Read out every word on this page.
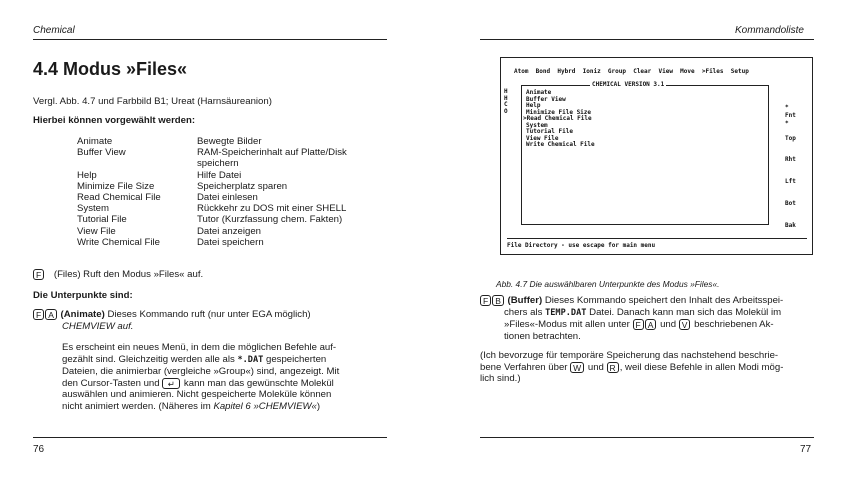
Chemical
4.4 Modus »Files«

Vergl. Abb. 4.7 und Farbbild B1; Ureat (Harnsäureanion)

Hierbei können vorgewählt werden:

Animate	Bewegte Bilder
Buffer View	RAM-Speicherinhalt auf Platte/Disk
	speichern
Help	Hilfe Datei
Minimize File Size	Speicherplatz sparen
Read Chemical File	Datei einlesen
System	Rückkehr zu DOS mit einer SHELL
Tutorial File	Tutor (Kurzfassung chem. Fakten)
View File	Datei anzeigen
Write Chemical File	Datei speichern

F (Files) Ruft den Modus »Files« auf.

Die Unterpunkte sind:

F A (Animate) Dieses Kommando ruft (nur unter EGA möglich)

CHEMVIEW auf.

Es erscheint ein neues Menü, in dem die möglichen Befehle auf-
gezählt sind. Gleichzeitig werden alle als *.DAT gespeicherten
Dateien, die animierbar (vergleiche »Group«) sind, angezeigt. Mit
den Cursor-Tasten und ↵ kann man das gewünschte Molekül
auswählen und animieren. Nicht gespeicherte Moleküle können
nicht animiert werden. (Näheres im Kapitel 6 »CHEMVIEW«)
76
Kommandoliste
Atom  Bond  Hybrd  Ioniz  Group  Clear  View  Move  >Files  Setup
CHEMICAL VERSION 3.1
Animate
Buffer View
Help
Minimize File Size
>Read Chemical File
System
Tutorial File
View File
Write Chemical File
H
H
C
O	*
Fnt
*
Top
Rht
Lft
Bot
Bak
File Directory - use escape for main menu

Abb. 4.7 Die auswählbaren Unterpunkte des Modus »Files«.

F B (Buffer) Dieses Kommando speichert den Inhalt des Arbeitsspei-
chers als TEMP.DAT Datei. Danach kann man sich das Molekül im
»Files«-Modus mit allen unter F A und V beschriebenen Ak-
tionen betrachten.
(Ich bevorzuge für temporäre Speicherung das nachstehend beschrie-
bene Verfahren über W und R , weil diese Befehle in allen Modi mög-
lich sind.)
77
